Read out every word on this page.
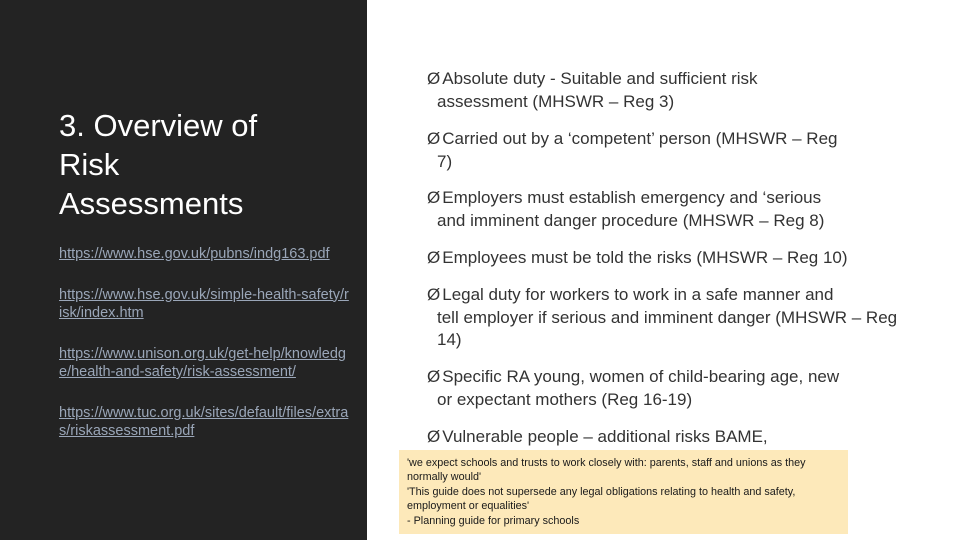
3. Overview of
Risk
Assessments
https://www.hse.gov.uk/pubns/indg163.pdf
https://www.hse.gov.uk/simple-health-safety/risk/index.htm
https://www.unison.org.uk/get-help/knowledge/health-and-safety/risk-assessment/
https://www.tuc.org.uk/sites/default/files/extras/riskassessment.pdf
Ø Absolute duty - Suitable and sufficient risk
assessment (MHSWR – Reg 3)
Ø Carried out by a ‘competent’ person (MHSWR – Reg
7)
Ø Employers must establish emergency and ‘serious
and imminent danger procedure (MHSWR – Reg 8)
Ø Employees must be told the risks (MHSWR – Reg 10)
Ø Legal duty for workers to work in a safe manner and
tell employer if serious and imminent danger (MHSWR – Reg 14)
Ø Specific RA young, women of child-bearing age, new
or expectant mothers (Reg 16-19)
Ø Vulnerable people – additional risks BAME,

'we expect schools and trusts to work closely with: parents, staff and unions as they normally would'

'This guide does not supersede any legal obligations relating to health and safety, employment or equalities'

- Planning guide for primary schools
